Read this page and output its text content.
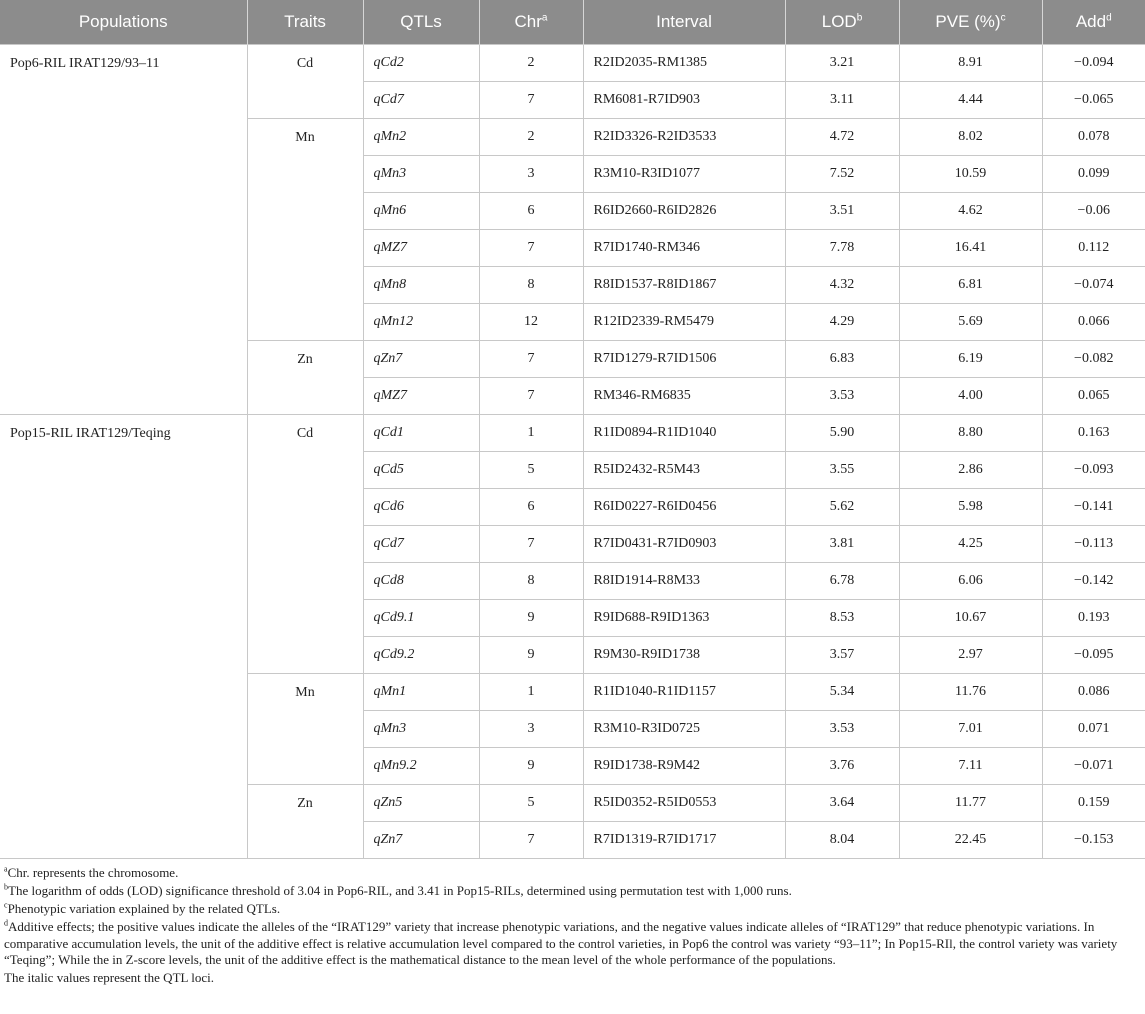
Populations	Traits	QTLs	Chr$^a$	Interval	LOD$^b$	PVE (%)$^c$	Add$^d$
Pop6-RIL IRAT129/93–11	Cd	qCd2	2	R2ID2035-RM1385	3.21	8.91	−0.094
		qCd7	7	RM6081-R7ID903	3.11	4.44	−0.065
	Mn	qMn2	2	R2ID3326-R2ID3533	4.72	8.02	0.078
		qMn3	3	R3M10-R3ID1077	7.52	10.59	0.099
		qMn6	6	R6ID2660-R6ID2826	3.51	4.62	−0.06
		qMZ7	7	R7ID1740-RM346	7.78	16.41	0.112
		qMn8	8	R8ID1537-R8ID1867	4.32	6.81	−0.074
		qMn12	12	R12ID2339-RM5479	4.29	5.69	0.066
	Zn	qZn7	7	R7ID1279-R7ID1506	6.83	6.19	−0.082
		qMZ7	7	RM346-RM6835	3.53	4.00	0.065
Pop15-RIL IRAT129/Teqing	Cd	qCd1	1	R1ID0894-R1ID1040	5.90	8.80	0.163
		qCd5	5	R5ID2432-R5M43	3.55	2.86	−0.093
		qCd6	6	R6ID0227-R6ID0456	5.62	5.98	−0.141
		qCd7	7	R7ID0431-R7ID0903	3.81	4.25	−0.113
		qCd8	8	R8ID1914-R8M33	6.78	6.06	−0.142
		qCd9.1	9	R9ID688-R9ID1363	8.53	10.67	0.193
		qCd9.2	9	R9M30-R9ID1738	3.57	2.97	−0.095
	Mn	qMn1	1	R1ID1040-R1ID1157	5.34	11.76	0.086
		qMn3	3	R3M10-R3ID0725	3.53	7.01	0.071
		qMn9.2	9	R9ID1738-R9M42	3.76	7.11	−0.071
	Zn	qZn5	5	R5ID0352-R5ID0553	3.64	11.77	0.159
		qZn7	7	R7ID1319-R7ID1717	8.04	22.45	−0.153

$^a$Chr. represents the chromosome.

$^b$The logarithm of odds (LOD) significance threshold of 3.04 in Pop6-RIL, and 3.41 in Pop15-RILs, determined using permutation test with 1,000 runs.

$^c$Phenotypic variation explained by the related QTLs.

$^d$Additive effects; the positive values indicate the alleles of the “IRAT129” variety that increase phenotypic variations, and the negative values indicate alleles of “IRAT129” that reduce phenotypic variations. In comparative accumulation levels, the unit of the additive effect is relative accumulation level compared to the control varieties, in Pop6 the control was variety “93–11”; In Pop15-RIl, the control variety was variety “Teqing”; While the in Z-score levels, the unit of the additive effect is the mathematical distance to the mean level of the whole performance of the populations.

The italic values represent the QTL loci.
